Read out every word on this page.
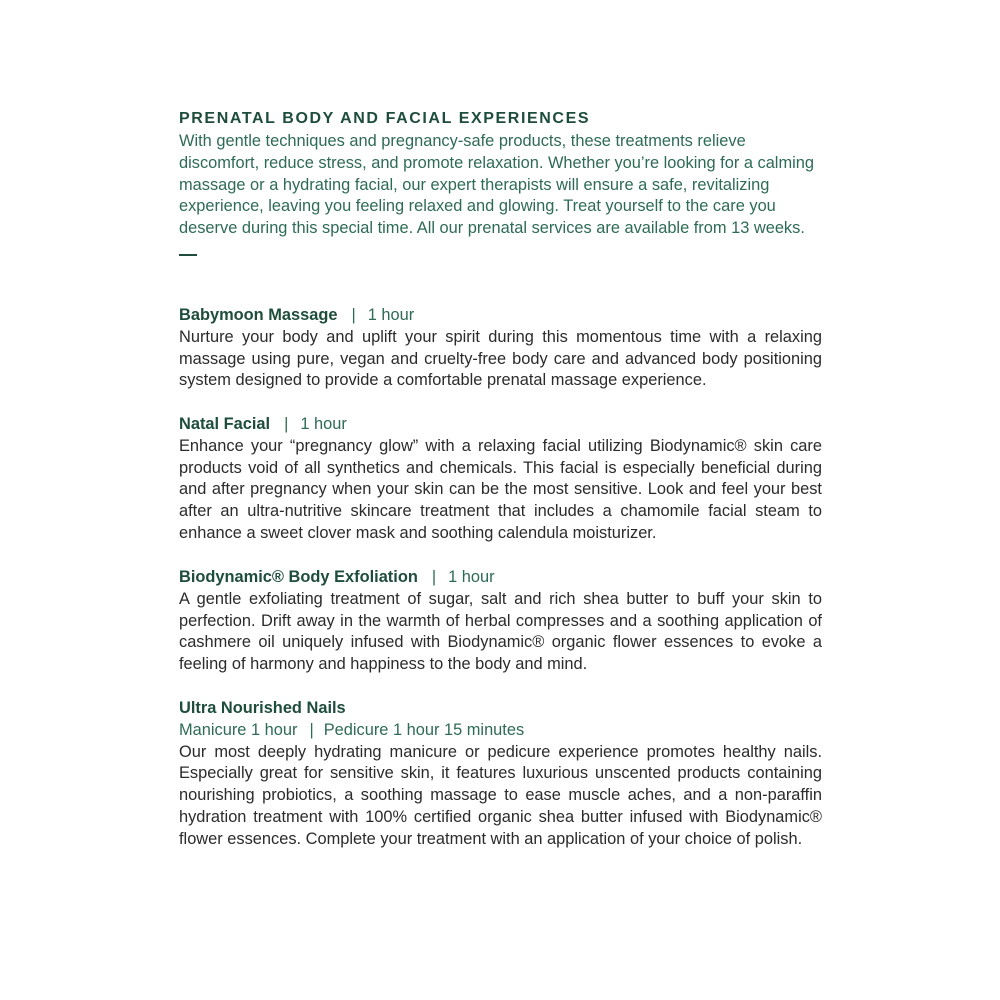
PRENATAL BODY AND FACIAL EXPERIENCES

With gentle techniques and pregnancy-safe products, these treatments relieve discomfort, reduce stress, and promote relaxation. Whether you’re looking for a calming massage or a hydrating facial, our expert therapists will ensure a safe, revitalizing experience, leaving you feeling relaxed and glowing. Treat yourself to the care you deserve during this special time. All our prenatal services are available from 13 weeks.

Babymoon Massage | 1 hour

Nurture your body and uplift your spirit during this momentous time with a relaxing massage using pure, vegan and cruelty-free body care and advanced body positioning system designed to provide a comfortable prenatal massage experience.

Natal Facial | 1 hour

Enhance your “pregnancy glow” with a relaxing facial utilizing Biodynamic® skin care products void of all synthetics and chemicals. This facial is especially beneficial during and after pregnancy when your skin can be the most sensitive. Look and feel your best after an ultra-nutritive skincare treatment that includes a chamomile facial steam to enhance a sweet clover mask and soothing calendula moisturizer.

Biodynamic® Body Exfoliation | 1 hour

A gentle exfoliating treatment of sugar, salt and rich shea butter to buff your skin to perfection. Drift away in the warmth of herbal compresses and a soothing application of cashmere oil uniquely infused with Biodynamic® organic flower essences to evoke a feeling of harmony and happiness to the body and mind.

Ultra Nourished Nails

Manicure 1 hour | Pedicure 1 hour 15 minutes

Our most deeply hydrating manicure or pedicure experience promotes healthy nails. Especially great for sensitive skin, it features luxurious unscented products containing nourishing probiotics, a soothing massage to ease muscle aches, and a non-paraffin hydration treatment with 100% certified organic shea butter infused with Biodynamic® flower essences. Complete your treatment with an application of your choice of polish.
